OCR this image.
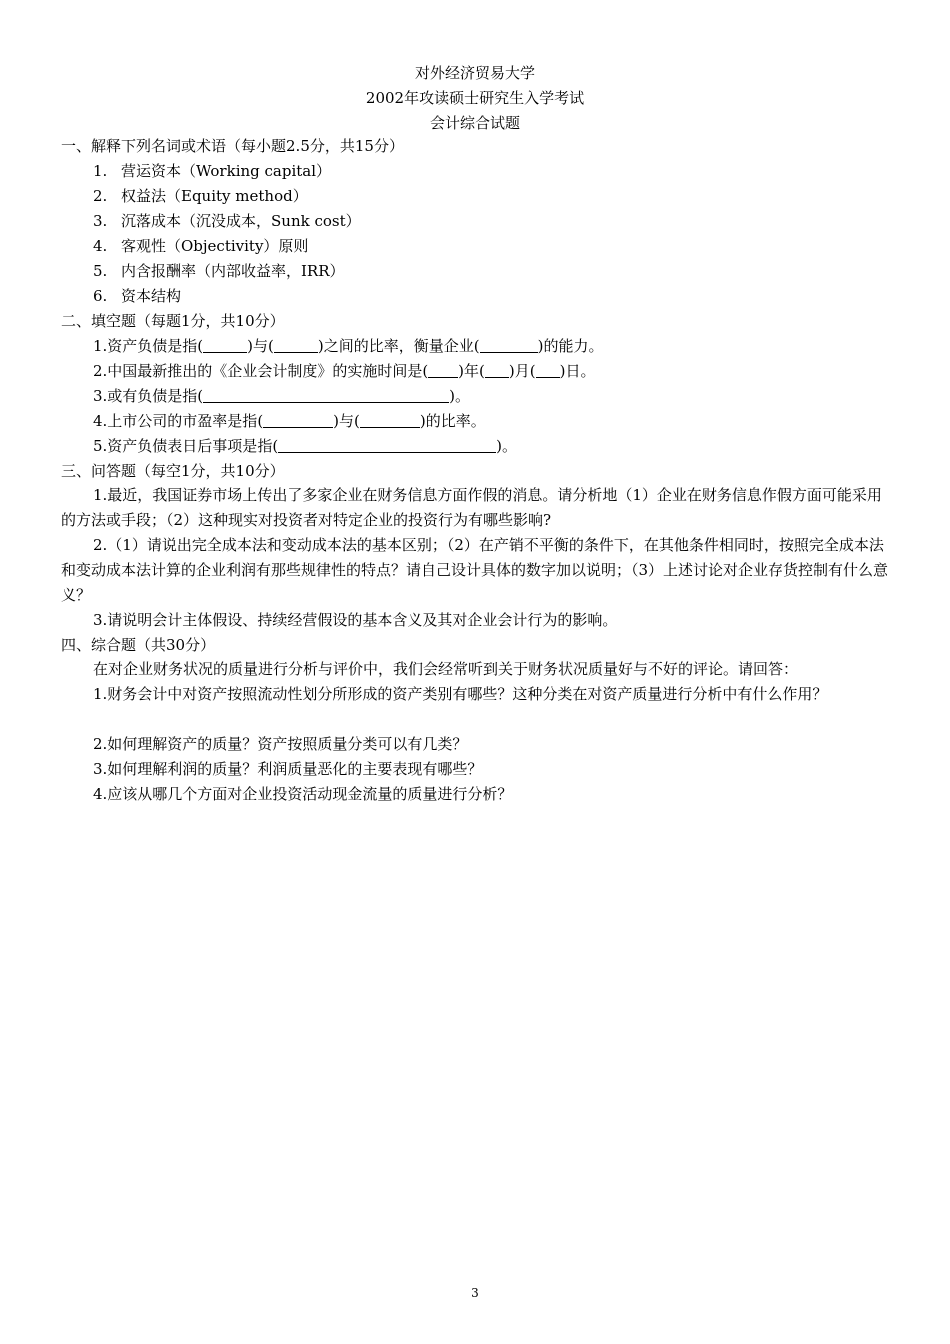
对外经济贸易大学
2002年攻读硕士研究生入学考试
会计综合试题
一、解释下列名词或术语（每小题2.5分，共15分）
1. 营运资本（Working capital）
2. 权益法（Equity method）
3. 沉落成本（沉没成本，Sunk cost）
4. 客观性（Objectivity）原则
5. 内含报酬率（内部收益率，IRR）
6. 资本结构
二、填空题（每题1分，共10分）
1.资产负债是指(	)与(	)之间的比率，衡量企业(	)的能力。
2.中国最新推出的《企业会计制度》的实施时间是( )年( )月( )日。
3.或有负债是指(	)。
4.上市公司的市盈率是指(	)与(	)的比率。
5.资产负债表日后事项是指(	)。
三、问答题（每空1分，共10分）
1.最近，我国证券市场上传出了多家企业在财务信息方面作假的消息。请分析地（1）企业在财务信息作假方面可能采用的方法或手段；（2）这种现实对投资者对特定企业的投资行为有哪些影响?
2.（1）请说出完全成本法和变动成本法的基本区别；（2）在产销不平衡的条件下，在其他条件相同时，按照完全成本法和变动成本法计算的企业利润有那些规律性的特点？请自己设计具体的数字加以说明；（3）上述讨论对企业存货控制有什么意义？
3.请说明会计主体假设、持续经营假设的基本含义及其对企业会计行为的影响。
四、综合题（共30分）
在对企业财务状况的质量进行分析与评价中，我们会经常听到关于财务状况质量好与不好的评论。请回答：
1.财务会计中对资产按照流动性划分所形成的资产类别有哪些？这种分类在对资产质量进行分析中有什么作用？
2.如何理解资产的质量？资产按照质量分类可以有几类？
3.如何理解利润的质量？利润质量恶化的主要表现有哪些？
4.应该从哪几个方面对企业投资活动现金流量的质量进行分析？
3
